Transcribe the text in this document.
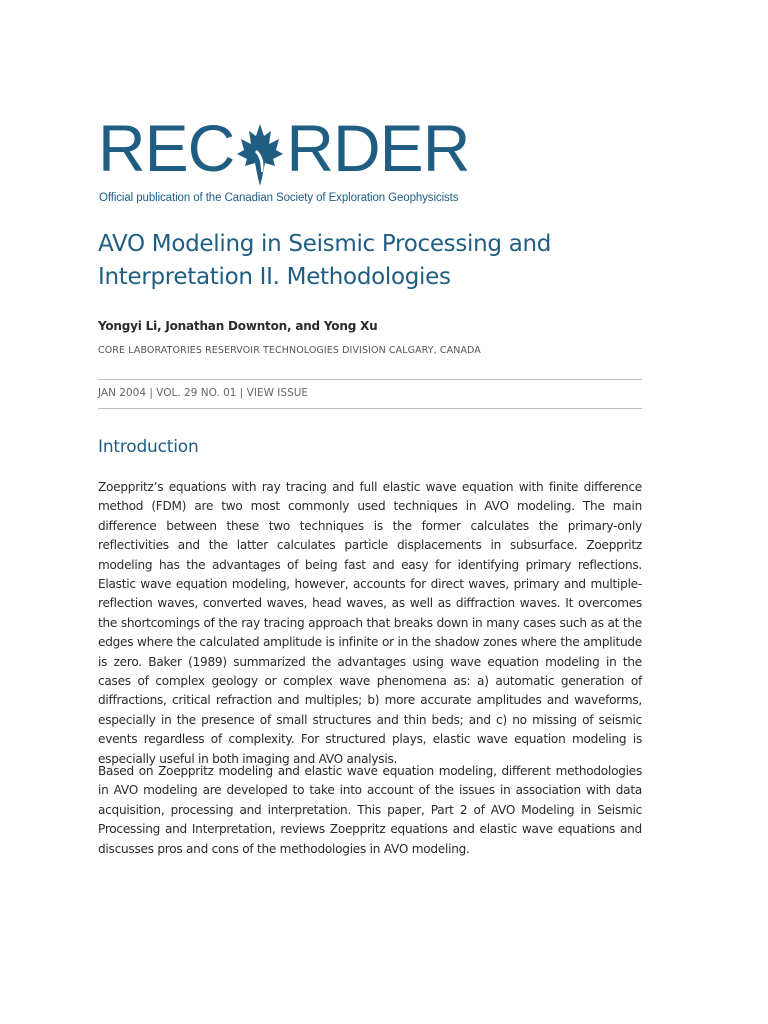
REC RDER
Official publication of the Canadian Society of Exploration Geophysicists
AVO Modeling in Seismic Processing and Interpretation II. Methodologies
Yongyi Li, Jonathan Downton, and Yong Xu
CORE LABORATORIES RESERVOIR TECHNOLOGIES DIVISION CALGARY, CANADA
JAN 2004 | VOL. 29 NO. 01 | VIEW ISSUE
Introduction

Zoeppritz’s equations with ray tracing and full elastic wave equation with finite difference method (FDM) are two most commonly used techniques in AVO modeling. The main difference between these two techniques is the former calculates the primary-only reflectivities and the latter calculates particle displacements in subsurface. Zoeppritz modeling has the advantages of being fast and easy for identifying primary reflections. Elastic wave equation modeling, however, accounts for direct waves, primary and multiple-reflection waves, converted waves, head waves, as well as diffraction waves. It overcomes the shortcomings of the ray tracing approach that breaks down in many cases such as at the edges where the calculated amplitude is infinite or in the shadow zones where the amplitude is zero. Baker (1989) summarized the advantages using wave equation modeling in the cases of complex geology or complex wave phenomena as: a) automatic generation of diffractions, critical refraction and multiples; b) more accurate amplitudes and waveforms, especially in the presence of small structures and thin beds; and c) no missing of seismic events regardless of complexity. For structured plays, elastic wave equation modeling is especially useful in both imaging and AVO analysis.

Based on Zoeppritz modeling and elastic wave equation modeling, different methodologies in AVO modeling are developed to take into account of the issues in association with data acquisition, processing and interpretation. This paper, Part 2 of AVO Modeling in Seismic Processing and Interpretation, reviews Zoeppritz equations and elastic wave equations and discusses pros and cons of the methodologies in AVO modeling.
